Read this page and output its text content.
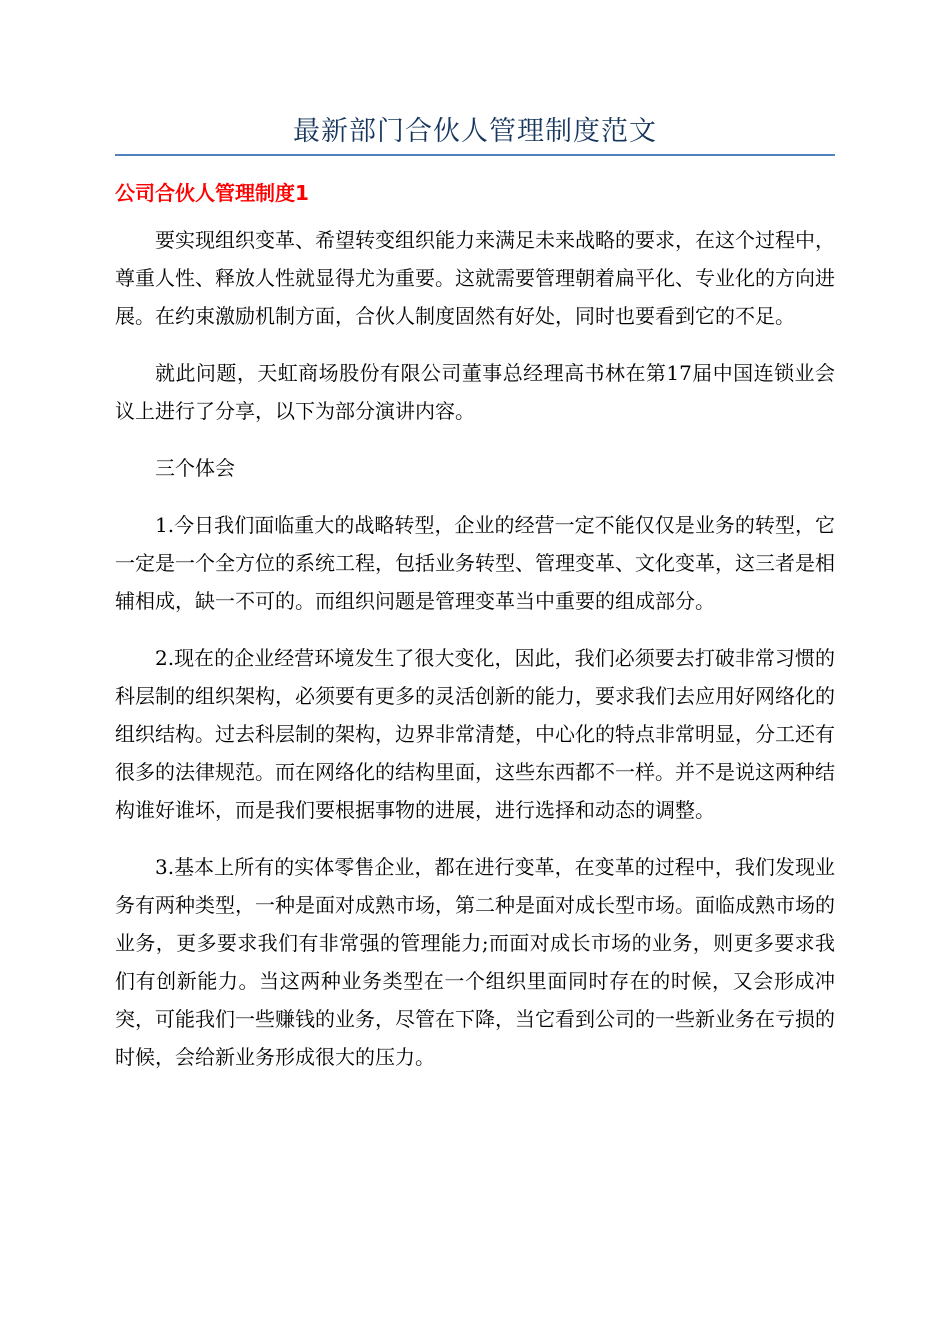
最新部门合伙人管理制度范文
公司合伙人管理制度1

要实现组织变革、希望转变组织能力来满足未来战略的要求，在这个过程中，尊重人性、释放人性就显得尤为重要。这就需要管理朝着扁平化、专业化的方向进展。在约束激励机制方面，合伙人制度固然有好处，同时也要看到它的不足。

就此问题，天虹商场股份有限公司董事总经理高书林在第17届中国连锁业会议上进行了分享，以下为部分演讲内容。

三个体会

1.今日我们面临重大的战略转型，企业的经营一定不能仅仅是业务的转型，它一定是一个全方位的系统工程，包括业务转型、管理变革、文化变革，这三者是相辅相成，缺一不可的。而组织问题是管理变革当中重要的组成部分。

2.现在的企业经营环境发生了很大变化，因此，我们必须要去打破非常习惯的科层制的组织架构，必须要有更多的灵活创新的能力，要求我们去应用好网络化的组织结构。过去科层制的架构，边界非常清楚，中心化的特点非常明显，分工还有很多的法律规范。而在网络化的结构里面，这些东西都不一样。并不是说这两种结构谁好谁坏，而是我们要根据事物的进展，进行选择和动态的调整。

3.基本上所有的实体零售企业，都在进行变革，在变革的过程中，我们发现业务有两种类型，一种是面对成熟市场，第二种是面对成长型市场。面临成熟市场的业务，更多要求我们有非常强的管理能力;而面对成长市场的业务，则更多要求我们有创新能力。当这两种业务类型在一个组织里面同时存在的时候，又会形成冲突，可能我们一些赚钱的业务，尽管在下降，当它看到公司的一些新业务在亏损的时候，会给新业务形成很大的压力。
